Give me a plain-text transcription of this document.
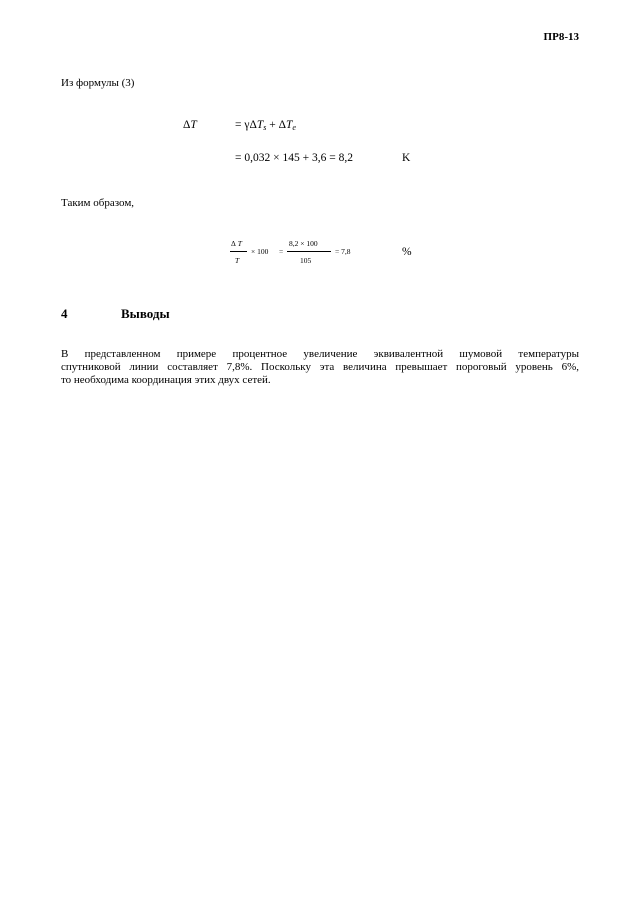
ПР8-13
Из формулы (3)
ΔT	= $\gamma\Delta T_s + \Delta T_e$
= 0,032 × 145 + 3,6 = 8,2	K
Таким образом,
Δ T
T
× 100 =
8,2 × 100
105
= 7,8	%
4	Выводы
В представленном примере процентное увеличение эквивалентной шумовой температуры
спутниковой линии составляет 7,8%. Поскольку эта величина превышает пороговый уровень 6%,
то необходима координация этих двух сетей.
